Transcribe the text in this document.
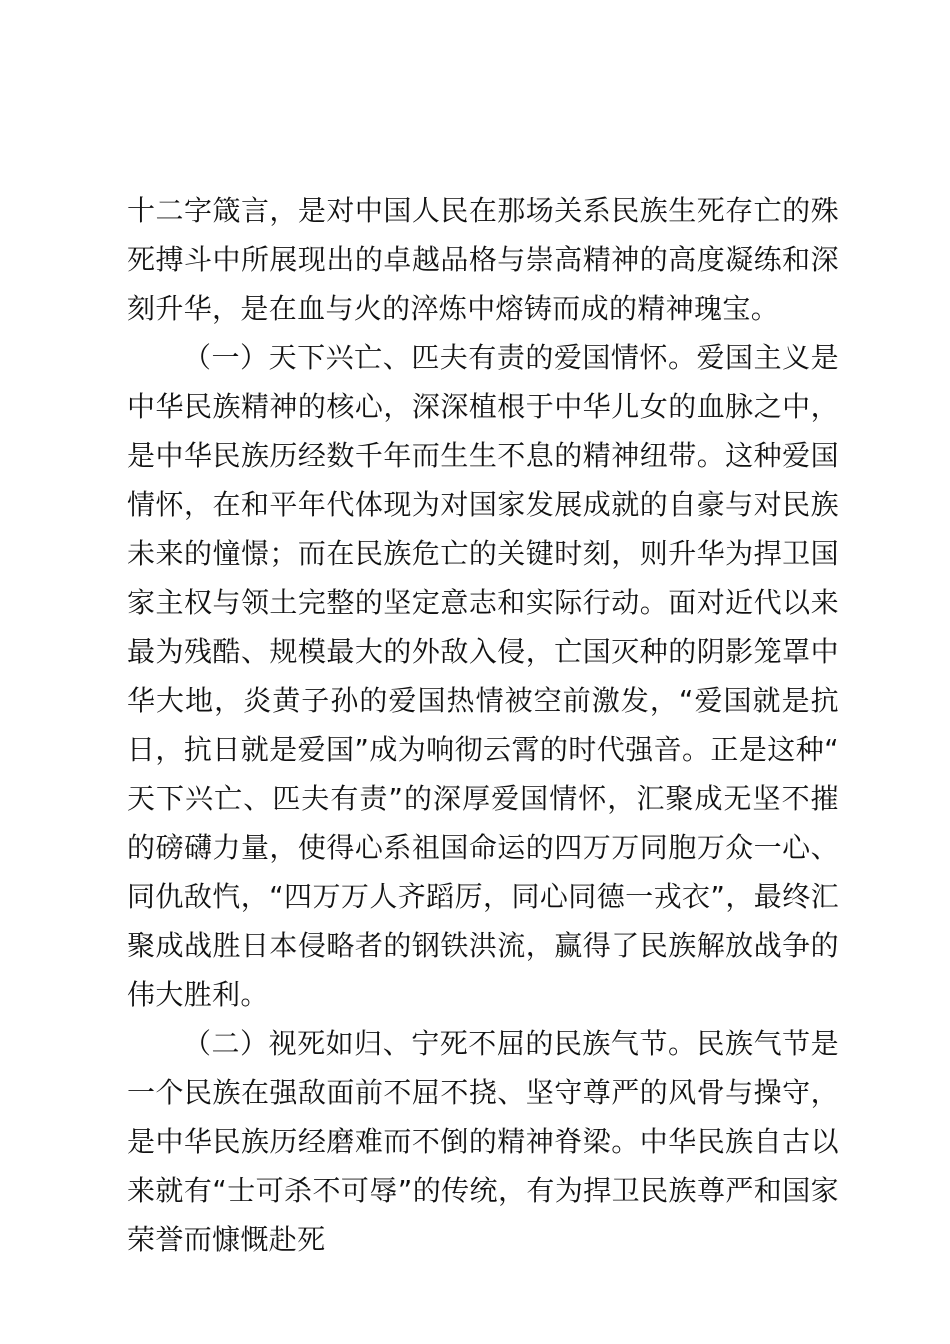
十二字箴言，是对中国人民在那场关系民族生死存亡的殊死搏斗中所展现出的卓越品格与崇高精神的高度凝练和深刻升华，是在血与火的淬炼中熔铸而成的精神瑰宝。

（一）天下兴亡、匹夫有责的爱国情怀。爱国主义是中华民族精神的核心，深深植根于中华儿女的血脉之中，是中华民族历经数千年而生生不息的精神纽带。这种爱国情怀，在和平年代体现为对国家发展成就的自豪与对民族未来的憧憬；而在民族危亡的关键时刻，则升华为捍卫国家主权与领土完整的坚定意志和实际行动。面对近代以来最为残酷、规模最大的外敌入侵，亡国灭种的阴影笼罩中华大地，炎黄子孙的爱国热情被空前激发，“爱国就是抗日，抗日就是爱国”成为响彻云霄的时代强音。正是这种“天下兴亡、匹夫有责”的深厚爱国情怀，汇聚成无坚不摧的磅礴力量，使得心系祖国命运的四万万同胞万众一心、同仇敌忾，“四万万人齐蹈厉，同心同德一戎衣”，最终汇聚成战胜日本侵略者的钢铁洪流，赢得了民族解放战争的伟大胜利。

（二）视死如归、宁死不屈的民族气节。民族气节是一个民族在强敌面前不屈不挠、坚守尊严的风骨与操守，是中华民族历经磨难而不倒的精神脊梁。中华民族自古以来就有“士可杀不可辱”的传统，有为捍卫民族尊严和国家荣誉而慷慨赴死
